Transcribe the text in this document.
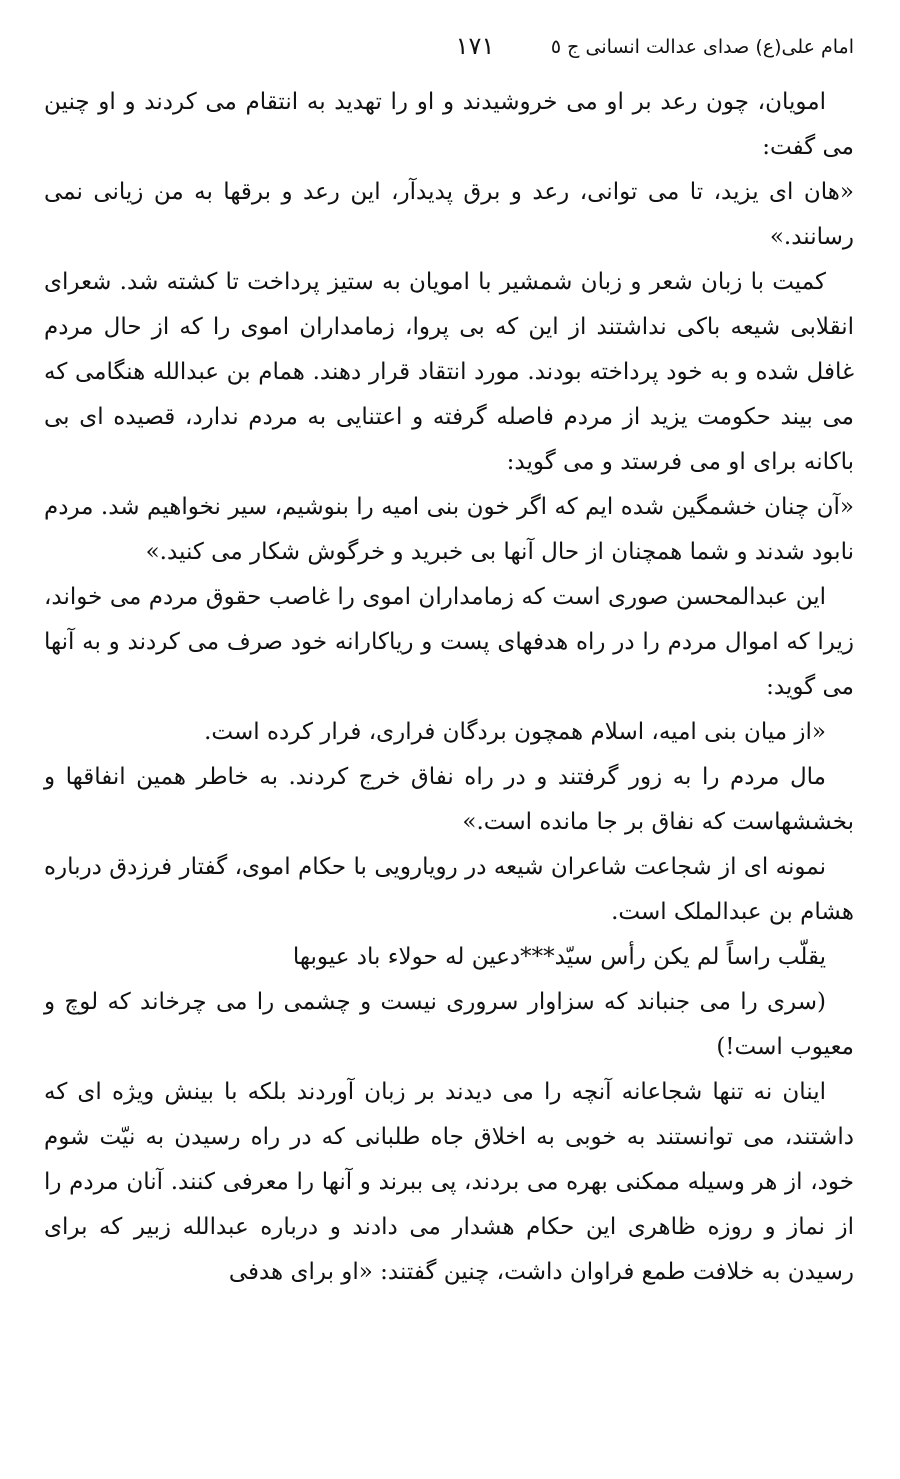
امام علی(ع) صدای عدالت انسانی ج ٥
۱۷۱

امویان، چون رعد بر او می خروشیدند و او را تهدید به انتقام می کردند و او چنین می گفت:

«هان ای یزید، تا می توانی، رعد و برق پدیدآر، این رعد و برقها به من زیانی نمی رسانند.»

کمیت با زبان شعر و زبان شمشیر با امویان به ستیز پرداخت تا کشته شد. شعرای انقلابی شیعه باکی نداشتند از این که بی پروا، زمامداران اموی را که از حال مردم غافل شده و به خود پرداخته بودند. مورد انتقاد قرار دهند. همام بن عبدالله هنگامی که می بیند حکومت یزید از مردم فاصله گرفته و اعتنایی به مردم ندارد، قصیده ای بی باکانه برای او می فرستد و می گوید:

«آن چنان خشمگین شده ایم که اگر خون بنی امیه را بنوشیم، سیر نخواهیم شد. مردم نابود شدند و شما همچنان از حال آنها بی خبرید و خرگوش شکار می کنید.»

این عبدالمحسن صوری است که زمامداران اموی را غاصب حقوق مردم می خواند، زیرا که اموال مردم را در راه هدفهای پست و ریاکارانه خود صرف می کردند و به آنها می گوید:

«از میان بنی امیه، اسلام همچون بردگان فراری، فرار کرده است.

مال مردم را به زور گرفتند و در راه نفاق خرج کردند. به خاطر همین انفاقها و بخششهاست که نفاق بر جا مانده است.»

نمونه ای از شجاعت شاعران شیعه در رویارویی با حکام اموی، گفتار فرزدق درباره هشام بن عبدالملک است.

یقلّب راساً لم یکن رأس سیّد***دعین له حولاء باد عیوبها

(سری را می جنباند که سزاوار سروری نیست و چشمی را می چرخاند که لوچ و معیوب است!)

اینان نه تنها شجاعانه آنچه را می دیدند بر زبان آوردند بلکه با بینش ویژه ای که داشتند، می توانستند به خوبی به اخلاق جاه طلبانی که در راه رسیدن به نیّت شوم خود، از هر وسیله ممکنی بهره می بردند، پی ببرند و آنها را معرفی کنند. آنان مردم را از نماز و روزه ظاهری این حکام هشدار می دادند و درباره عبدالله زبیر که برای رسیدن به خلافت طمع فراوان داشت، چنین گفتند: «او برای هدفی
